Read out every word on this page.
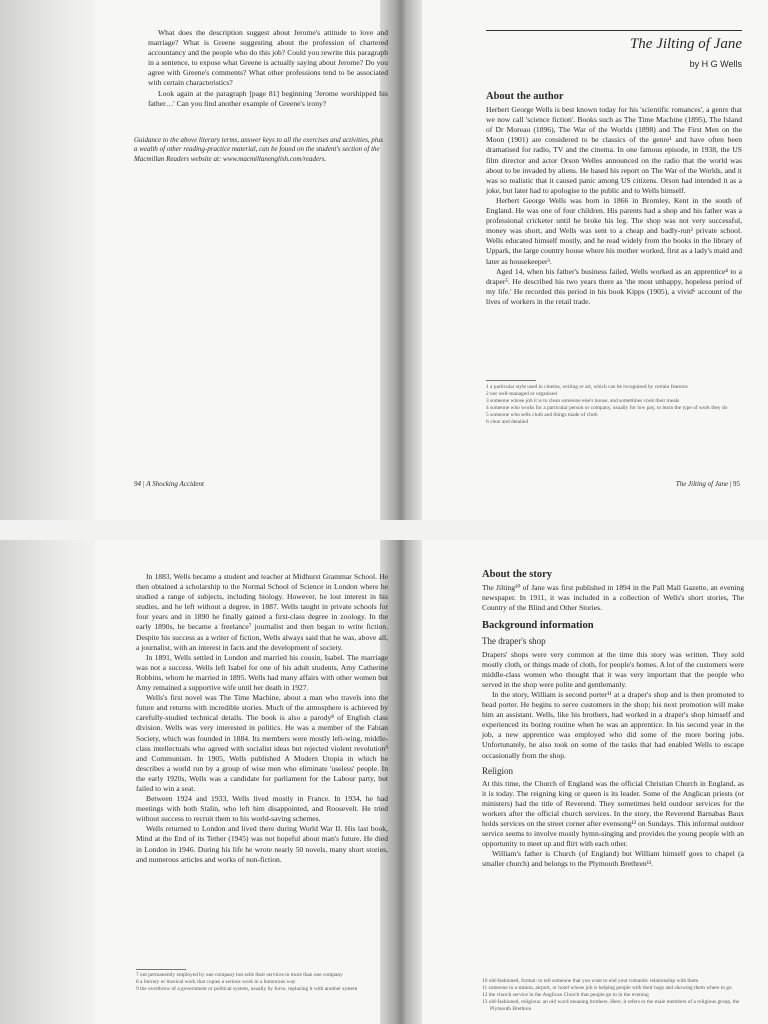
What does the description suggest about Jerome's attitude to love and marriage? What is Greene suggesting about the profession of chartered accountancy and the people who do this job? Could you rewrite this paragraph in a sentence, to expose what Greene is actually saying about Jerome? Do you agree with Greene's comments? What other professions tend to be associated with certain characteristics?

Look again at the paragraph [page 81] beginning 'Jerome worshipped his father…' Can you find another example of Greene's irony?

Guidance to the above literary terms, answer keys to all the exercises and activities, plus a wealth of other reading-practice material, can be found on the student's section of the Macmillan Readers website at: www.macmillanenglish.com/readers.
94 | A Shocking Accident
The Jilting of Jane
by H G Wells
About the author

Herbert George Wells is best known today for his 'scientific romances', a genre that we now call 'science fiction'. Books such as The Time Machine (1895), The Island of Dr Moreau (1896), The War of the Worlds (1898) and The First Men on the Moon (1901) are considered to be classics of the genre¹ and have often been dramatised for radio, TV and the cinema. In one famous episode, in 1938, the US film director and actor Orson Welles announced on the radio that the world was about to be invaded by aliens. He based his report on The War of the Worlds, and it was so realistic that it caused panic among US citizens. Orson had intended it as a joke, but later had to apologise to the public and to Wells himself.

Herbert George Wells was born in 1866 in Bromley, Kent in the south of England. He was one of four children. His parents had a shop and his father was a professional cricketer until he broke his leg. The shop was not very successful, money was short, and Wells was sent to a cheap and badly-run² private school. Wells educated himself mostly, and he read widely from the books in the library of Uppark, the large country house where his mother worked, first as a lady's maid and later as housekeeper³.

Aged 14, when his father's business failed, Wells worked as an apprentice⁴ to a draper⁵. He described his two years there as 'the most unhappy, hopeless period of my life.' He recorded this period in his book Kipps (1905), a vivid⁶ account of the lives of workers in the retail trade.

1 a particular style used in cinema, writing or art, which can be recognised by certain features
2 not well-managed or organised
3 someone whose job it is to clean someone else's house, and sometimes cook their meals
4 someone who works for a particular person or company, usually for low pay, to learn the type of work they do
5 someone who sells cloth and things made of cloth
6 clear and detailed
The Jilting of Jane | 95

In 1883, Wells became a student and teacher at Midhurst Grammar School. He then obtained a scholarship to the Normal School of Science in London where he studied a range of subjects, including biology. However, he lost interest in his studies, and he left without a degree, in 1887. Wells taught in private schools for four years and in 1890 he finally gained a first-class degree in zoology. In the early 1890s, he became a freelance⁷ journalist and then began to write fiction. Despite his success as a writer of fiction, Wells always said that he was, above all, a journalist, with an interest in facts and the development of society.

In 1891, Wells settled in London and married his cousin, Isabel. The marriage was not a success. Wells left Isabel for one of his adult students, Amy Catherine Robbins, whom he married in 1895. Wells had many affairs with other women but Amy remained a supportive wife until her death in 1927.

Wells's first novel was The Time Machine, about a man who travels into the future and returns with incredible stories. Much of the atmosphere is achieved by carefully-studied technical details. The book is also a parody⁸ of English class division. Wells was very interested in politics. He was a member of the Fabian Society, which was founded in 1884. Its members were mostly left-wing, middle-class intellectuals who agreed with socialist ideas but rejected violent revolution⁹ and Communism. In 1905, Wells published A Modern Utopia in which he describes a world run by a group of wise men who eliminate 'useless' people. In the early 1920s, Wells was a candidate for parliament for the Labour party, but failed to win a seat.

Between 1924 and 1933, Wells lived mostly in France. In 1934, he had meetings with both Stalin, who left him disappointed, and Roosevelt. He tried without success to recruit them to his world-saving schemes.

Wells returned to London and lived there during World War II. His last book, Mind at the End of its Tether (1945) was not hopeful about man's future. He died in London in 1946. During his life he wrote nearly 50 novels, many short stories, and numerous articles and works of non-fiction.

7 not permanently employed by one company but sells their services to more than one company
8 a literary or musical work that copies a serious work in a humorous way
9 the overthrow of a government or political system, usually by force, replacing it with another system
About the story

The Jilting¹⁰ of Jane was first published in 1894 in the Pall Mall Gazette, an evening newspaper. In 1911, it was included in a collection of Wells's short stories, The Country of the Blind and Other Stories.

Background information
The draper's shop

Drapers' shops were very common at the time this story was written. They sold mostly cloth, or things made of cloth, for people's homes. A lot of the customers were middle-class women who thought that it was very important that the people who served in the shop were polite and gentlemanly.

In the story, William is second porter¹¹ at a draper's shop and is then promoted to head porter. He begins to serve customers in the shop; his next promotion will make him an assistant. Wells, like his brothers, had worked in a draper's shop himself and experienced its boring routine when he was an apprentice. In his second year in the job, a new apprentice was employed who did some of the more boring jobs. Unfortunately, he also took on some of the tasks that had enabled Wells to escape occasionally from the shop.

Religion

At this time, the Church of England was the official Christian Church in England, as it is today. The reigning king or queen is its leader. Some of the Anglican priests (or ministers) had the title of Reverend. They sometimes held outdoor services for the workers after the official church services. In the story, the Reverend Barnabas Baux holds services on the street corner after evensong¹² on Sundays. This informal outdoor service seems to involve mostly hymn-singing and provides the young people with an opportunity to meet up and flirt with each other.

William's father is Church (of England) but William himself goes to chapel (a smaller church) and belongs to the Plymouth Brethren¹³.

10 old-fashioned, formal: to tell someone that you want to end your romantic relationship with them
11 someone in a station, airport, or hotel whose job is helping people with their bags and showing them where to go
12 the church service in the Anglican Church that people go to in the evening
13 old-fashioned, religious: an old word meaning brothers. Here, it refers to the male members of a religious group, the Plymouth Brethren
